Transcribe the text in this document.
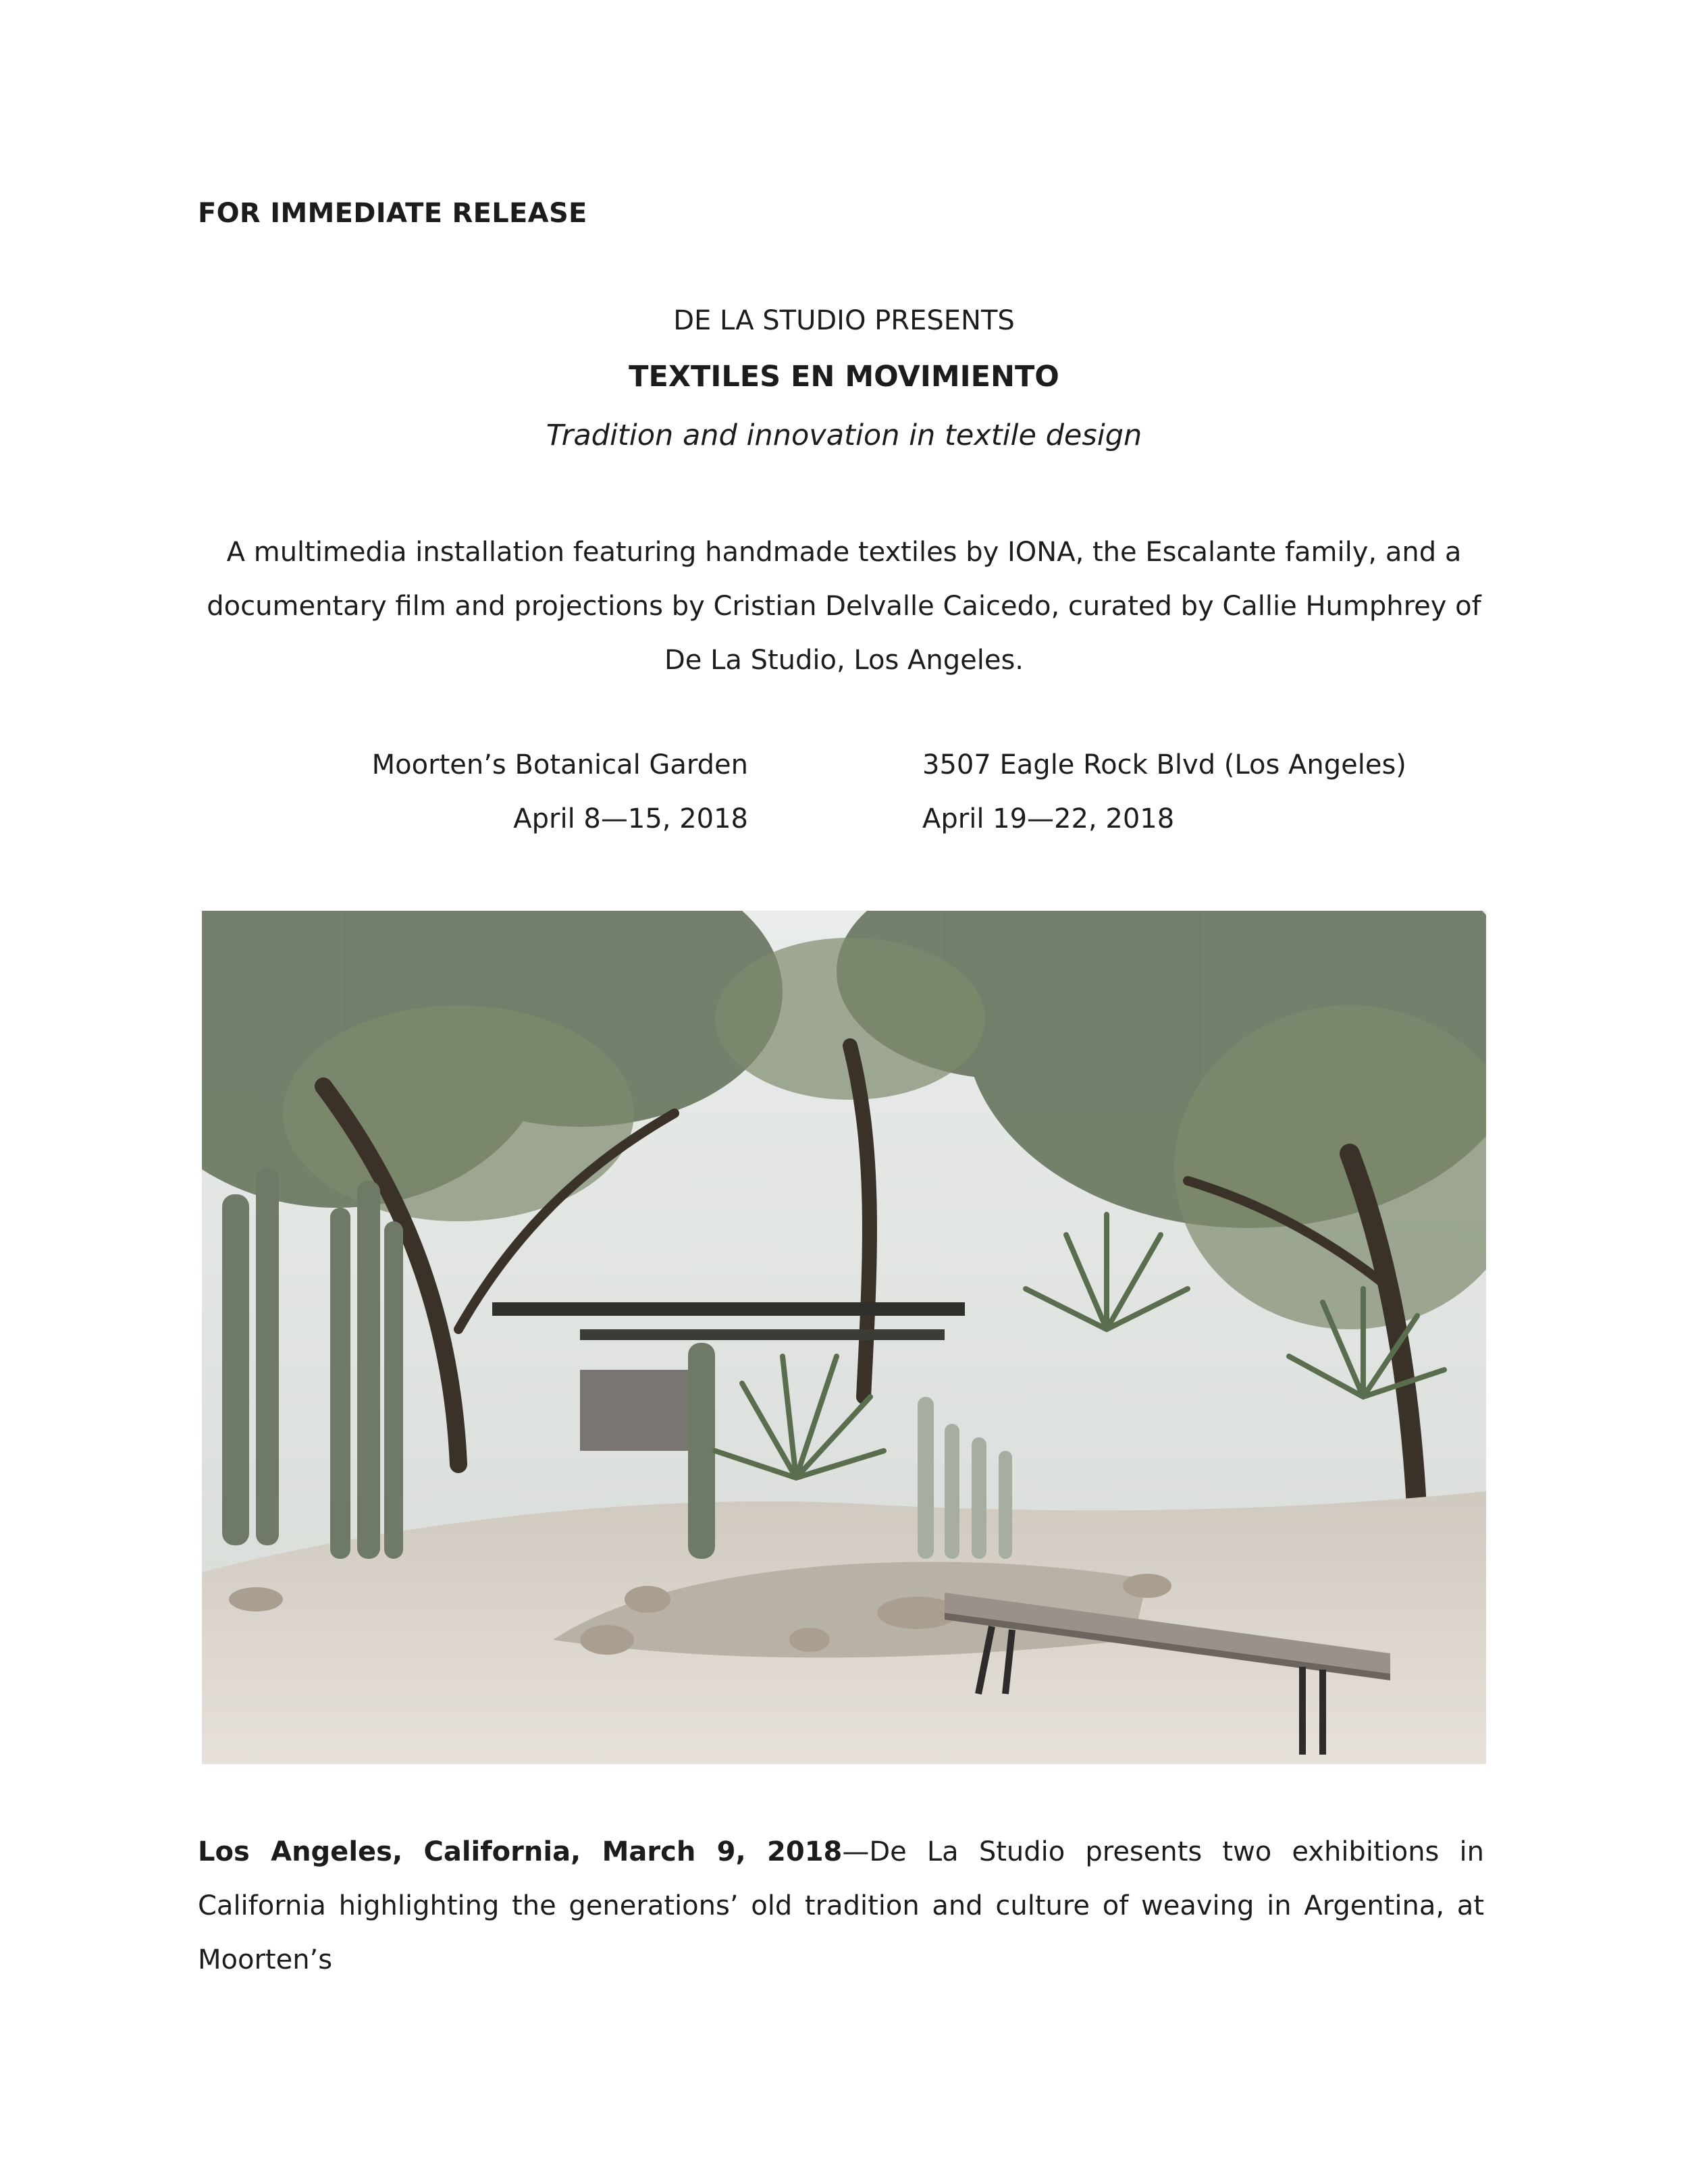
FOR IMMEDIATE RELEASE
DE LA STUDIO PRESENTS
TEXTILES EN MOVIMIENTO
Tradition and innovation in textile design
A multimedia installation featuring handmade textiles by IONA, the Escalante family, and a documentary film and projections by Cristian Delvalle Caicedo, curated by Callie Humphrey of De La Studio, Los Angeles.
Moorten’s Botanical Garden
April 8—15, 2018
3507 Eagle Rock Blvd (Los Angeles)
April 19—22, 2018
Los Angeles, California, March 9, 2018—De La Studio presents two exhibitions in California highlighting the generations’ old tradition and culture of weaving in Argentina, at Moorten’s
